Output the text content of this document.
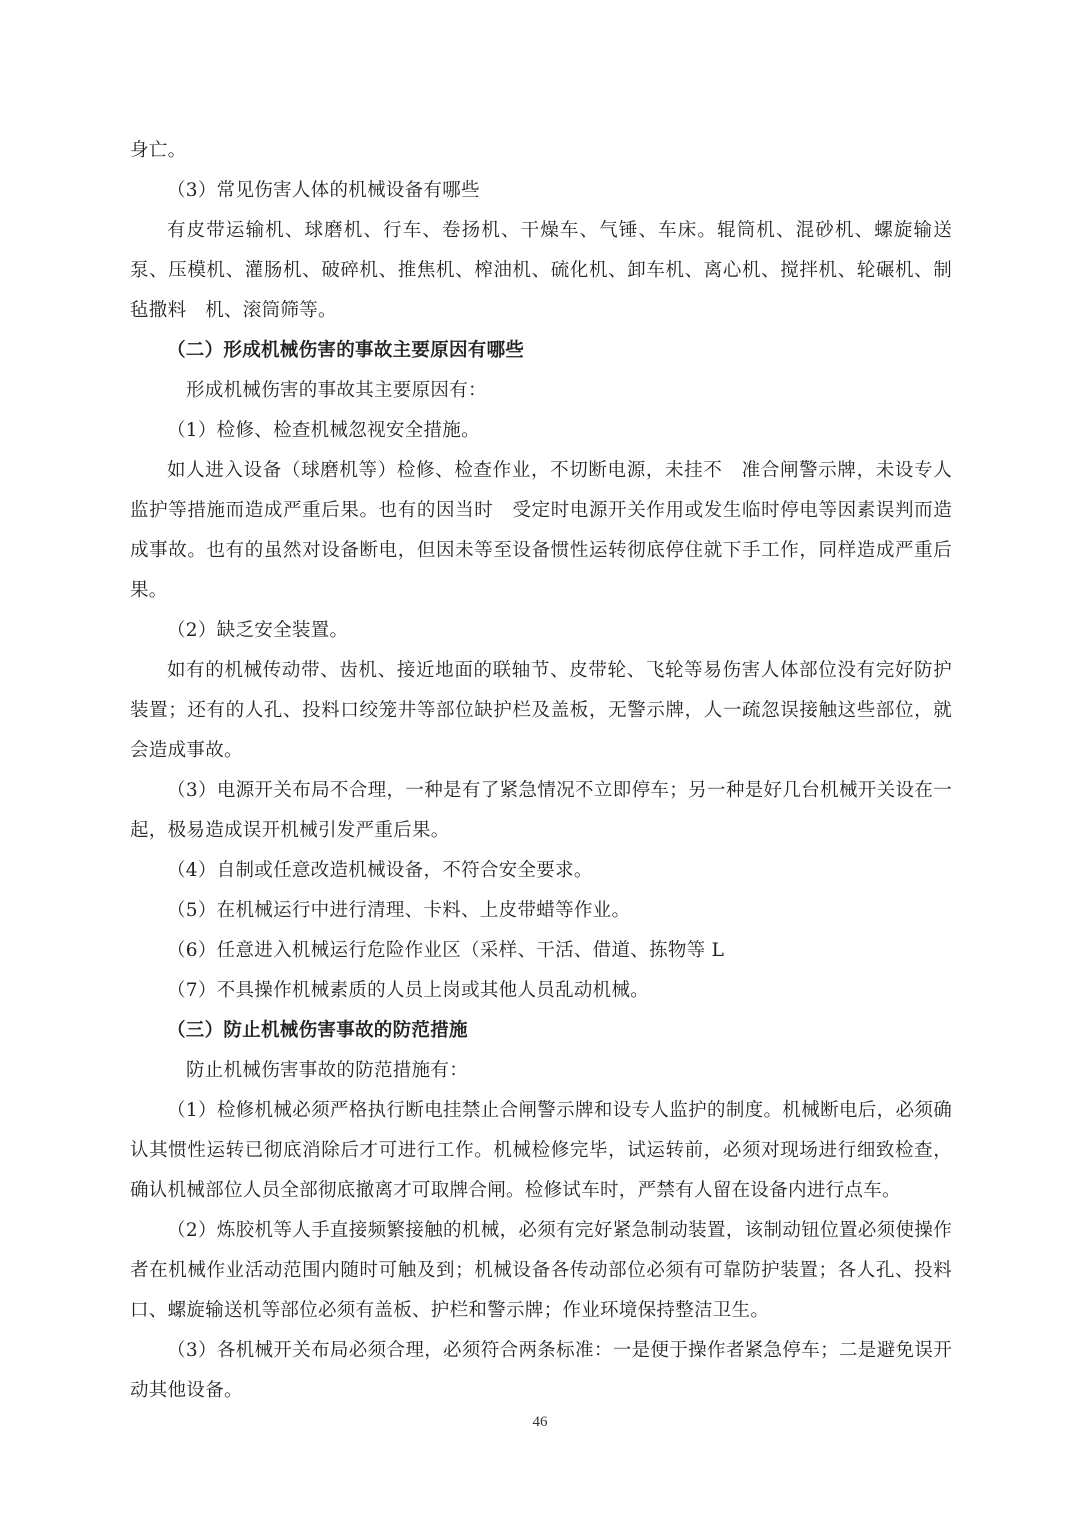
身亡。
（3）常见伤害人体的机械设备有哪些
有皮带运输机、球磨机、行车、卷扬机、干燥车、气锤、车床。辊筒机、混砂机、螺旋输送
泵、压模机、灌肠机、破碎机、推焦机、榨油机、硫化机、卸车机、离心机、搅拌机、轮碾机、制
毡撒料　机、滚筒筛等。
（二）形成机械伤害的事故主要原因有哪些
形成机械伤害的事故其主要原因有：
（1）检修、检查机械忽视安全措施。
如人进入设备（球磨机等）检修、检查作业，不切断电源，未挂不　准合闸警示牌，未设专人
监护等措施而造成严重后果。也有的因当时　受定时电源开关作用或发生临时停电等因素误判而造
成事故。也有的虽然对设备断电，但因未等至设备惯性运转彻底停住就下手工作，同样造成严重后
果。
（2）缺乏安全装置。
如有的机械传动带、齿机、接近地面的联轴节、皮带轮、飞轮等易伤害人体部位没有完好防护
装置；还有的人孔、投料口绞笼井等部位缺护栏及盖板，无警示牌，人一疏忽误接触这些部位，就
会造成事故。
（3）电源开关布局不合理，一种是有了紧急情况不立即停车；另一种是好几台机械开关设在一
起，极易造成误开机械引发严重后果。
（4）自制或任意改造机械设备，不符合安全要求。
（5）在机械运行中进行清理、卡料、上皮带蜡等作业。
（6）任意进入机械运行危险作业区（采样、干活、借道、拣物等 L
（7）不具操作机械素质的人员上岗或其他人员乱动机械。
（三）防止机械伤害事故的防范措施
防止机械伤害事故的防范措施有：
（1）检修机械必须严格执行断电挂禁止合闸警示牌和设专人监护的制度。机械断电后，必须确
认其惯性运转已彻底消除后才可进行工作。机械检修完毕，试运转前，必须对现场进行细致检查，
确认机械部位人员全部彻底撤离才可取牌合闸。检修试车时，严禁有人留在设备内进行点车。
（2）炼胶机等人手直接频繁接触的机械，必须有完好紧急制动装置，该制动钮位置必须使操作
者在机械作业活动范围内随时可触及到；机械设备各传动部位必须有可靠防护装置；各人孔、投料
口、螺旋输送机等部位必须有盖板、护栏和警示牌；作业环境保持整洁卫生。
（3）各机械开关布局必须合理，必须符合两条标准：一是便于操作者紧急停车；二是避免误开
动其他设备。
46
